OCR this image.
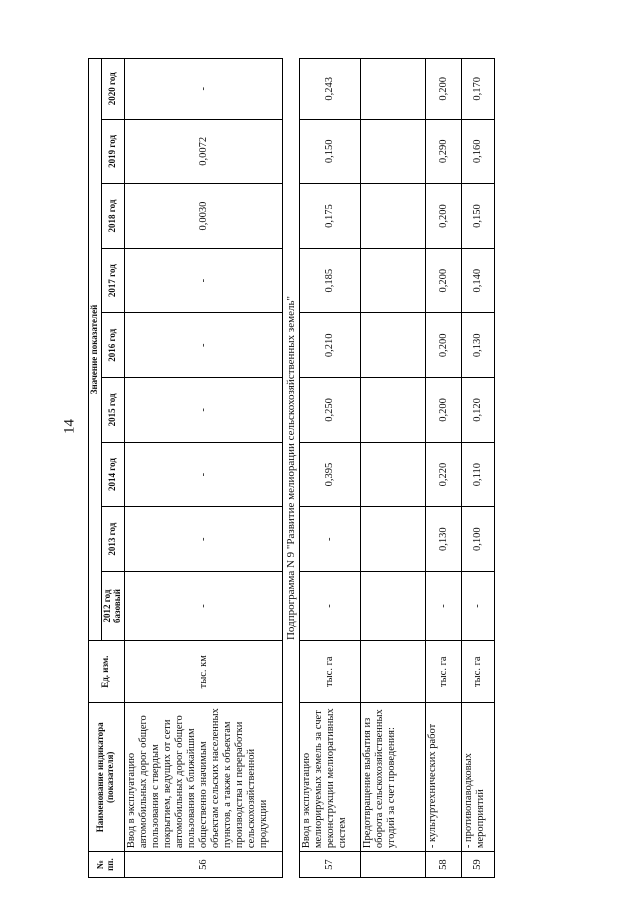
14
№ пп.	Наименование индикатора (показателя)	Ед. изм.	Значение показателей								
			2012 год базовый	2013 год	2014 год	2015 год	2016 год	2017 год	2018 год	2019 год	2020 год
56	Ввод в эксплуатацию автомобильных дорог общего пользования с твердым покрытием, ведущих от сети автомобильных дорог общего пользования к ближайшим общественно значимым объектам сельских населенных пунктов, а также к объектам производства и переработки сельскохозяйственной продукции	тыс. км	-	-	-	-	-	-	0,0030	0,0072	-
Подпрограмма N 9 "Развитие мелиорации сельскохозяйственных земель"											
57	Ввод в эксплуатацию мелиорируемых земель за счет реконструкции мелиоративных систем	тыс. га	-	-	0,395	0,250	0,210	0,185	0,175	0,150	0,243
	Предотвращение выбытия из оборота сельскохозяйственных угодий за счет проведения:										
58	- культуртехнических работ	тыс. га	-	0,130	0,220	0,200	0,200	0,200	0,200	0,290	0,200
59	- противопаводковых мероприятий	тыс. га	-	0,100	0,110	0,120	0,130	0,140	0,150	0,160	0,170
